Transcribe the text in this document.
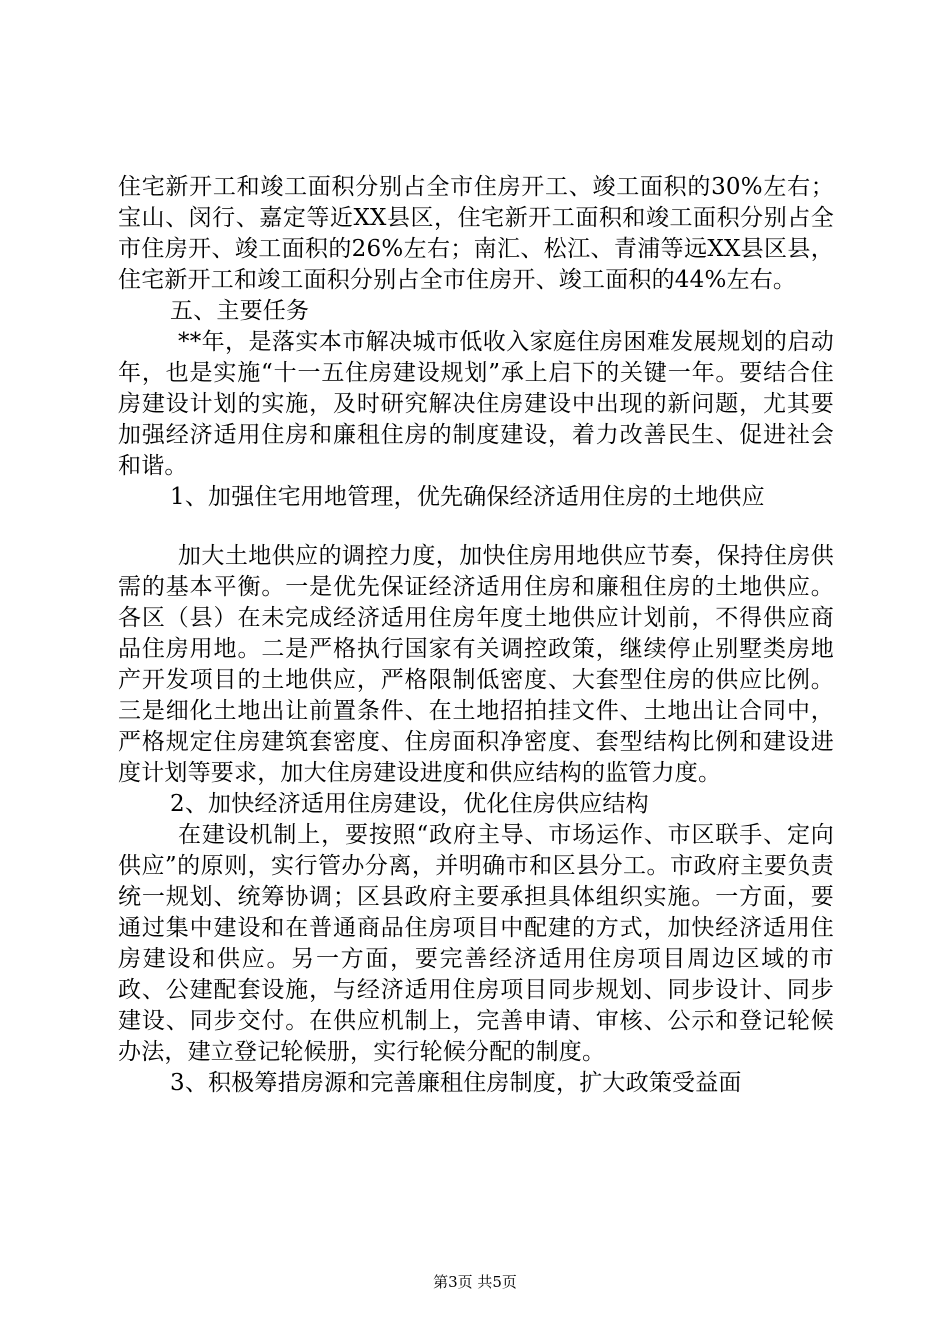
住宅新开工和竣工面积分别占全市住房开工、竣工面积的30%左右；宝山、闵行、嘉定等近XX县区，住宅新开工面积和竣工面积分别占全市住房开、竣工面积的26%左右；南汇、松江、青浦等远XX县区县，住宅新开工和竣工面积分别占全市住房开、竣工面积的44%左右。

五、主要任务

**年，是落实本市解决城市低收入家庭住房困难发展规划的启动年，也是实施“十一五住房建设规划”承上启下的关键一年。要结合住房建设计划的实施，及时研究解决住房建设中出现的新问题，尤其要加强经济适用住房和廉租住房的制度建设，着力改善民生、促进社会和谐。

1、加强住宅用地管理，优先确保经济适用住房的土地供应

加大土地供应的调控力度，加快住房用地供应节奏，保持住房供需的基本平衡。一是优先保证经济适用住房和廉租住房的土地供应。各区（县）在未完成经济适用住房年度土地供应计划前，不得供应商品住房用地。二是严格执行国家有关调控政策，继续停止别墅类房地产开发项目的土地供应，严格限制低密度、大套型住房的供应比例。三是细化土地出让前置条件、在土地招拍挂文件、土地出让合同中，严格规定住房建筑套密度、住房面积净密度、套型结构比例和建设进度计划等要求，加大住房建设进度和供应结构的监管力度。

2、加快经济适用住房建设，优化住房供应结构

在建设机制上，要按照“政府主导、市场运作、市区联手、定向供应”的原则，实行管办分离，并明确市和区县分工。市政府主要负责统一规划、统筹协调；区县政府主要承担具体组织实施。一方面，要通过集中建设和在普通商品住房项目中配建的方式，加快经济适用住房建设和供应。另一方面，要完善经济适用住房项目周边区域的市政、公建配套设施，与经济适用住房项目同步规划、同步设计、同步建设、同步交付。在供应机制上，完善申请、审核、公示和登记轮候办法，建立登记轮候册，实行轮候分配的制度。

3、积极筹措房源和完善廉租住房制度，扩大政策受益面

第3页 共5页
